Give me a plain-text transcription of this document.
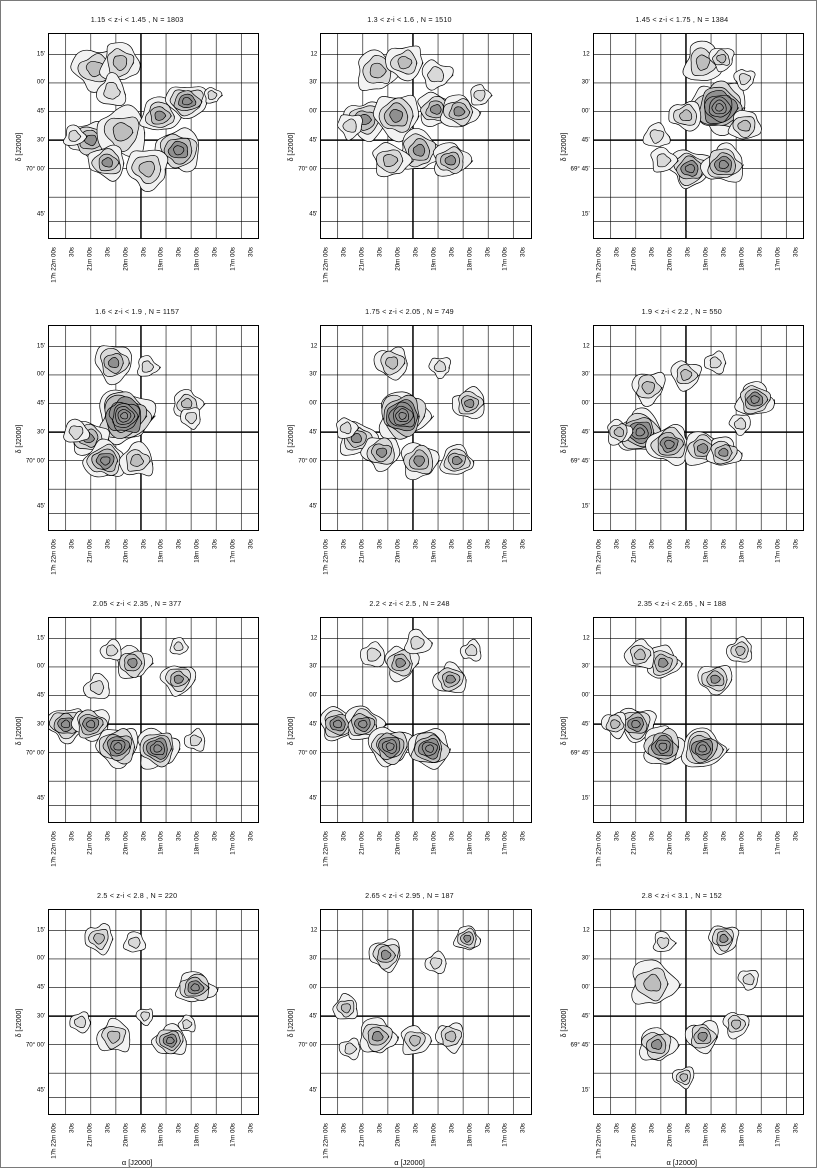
1.15 < z-i < 1.45 , N = 1803
δ [J2000]
15'
00'
45'
30'
70° 00'
45'
17h 22m 00s 30s 21m 00s 30s 20m 00s 30s 19m 00s 30s 18m 00s 30s 17m 00s 30s
1.3 < z-i < 1.6 , N = 1510
δ [J2000]
12
30'
00'
45'
70° 00'
45'
17h 22m 00s 30s 21m 00s 30s 20m 00s 30s 19m 00s 30s 18m 00s 30s 17m 00s 30s
1.45 < z-i < 1.75 , N = 1384
δ [J2000]
12
30'
00'
45'
69° 45'
15'
17h 22m 00s 30s 21m 00s 30s 20m 00s 30s 19m 00s 30s 18m 00s 30s 17m 00s 30s
1.6 < z-i < 1.9 , N = 1157
δ [J2000]
15'
00'
45'
30'
70° 00'
45'
17h 22m 00s 30s 21m 00s 30s 20m 00s 30s 19m 00s 30s 18m 00s 30s 17m 00s 30s
1.75 < z-i < 2.05 , N = 749
δ [J2000]
12
30'
00'
45'
70° 00'
45'
17h 22m 00s 30s 21m 00s 30s 20m 00s 30s 19m 00s 30s 18m 00s 30s 17m 00s 30s
1.9 < z-i < 2.2 , N = 550
δ [J2000]
12
30'
00'
45'
69° 45'
15'
17h 22m 00s 30s 21m 00s 30s 20m 00s 30s 19m 00s 30s 18m 00s 30s 17m 00s 30s
2.05 < z-i < 2.35 , N = 377
δ [J2000]
15'
00'
45'
30'
70° 00'
45'
17h 22m 00s 30s 21m 00s 30s 20m 00s 30s 19m 00s 30s 18m 00s 30s 17m 00s 30s
2.2 < z-i < 2.5 , N = 248
δ [J2000]
12
30'
00'
45'
70° 00'
45'
17h 22m 00s 30s 21m 00s 30s 20m 00s 30s 19m 00s 30s 18m 00s 30s 17m 00s 30s
2.35 < z-i < 2.65 , N = 188
δ [J2000]
12
30'
00'
45'
69° 45'
15'
17h 22m 00s 30s 21m 00s 30s 20m 00s 30s 19m 00s 30s 18m 00s 30s 17m 00s 30s
2.5 < z-i < 2.8 , N = 220
δ [J2000]
15'
00'
45'
30'
70° 00'
45'
17h 22m 00s 30s 21m 00s 30s 20m 00s 30s 19m 00s 30s 18m 00s 30s 17m 00s 30s
α [J2000]
2.65 < z-i < 2.95 , N = 187
δ [J2000]
12
30'
00'
45'
70° 00'
45'
17h 22m 00s 30s 21m 00s 30s 20m 00s 30s 19m 00s 30s 18m 00s 30s 17m 00s 30s
α [J2000]
2.8 < z-i < 3.1 , N = 152
δ [J2000]
12
30'
00'
45'
69° 45'
15'
17h 22m 00s 30s 21m 00s 30s 20m 00s 30s 19m 00s 30s 18m 00s 30s 17m 00s 30s
α [J2000]
